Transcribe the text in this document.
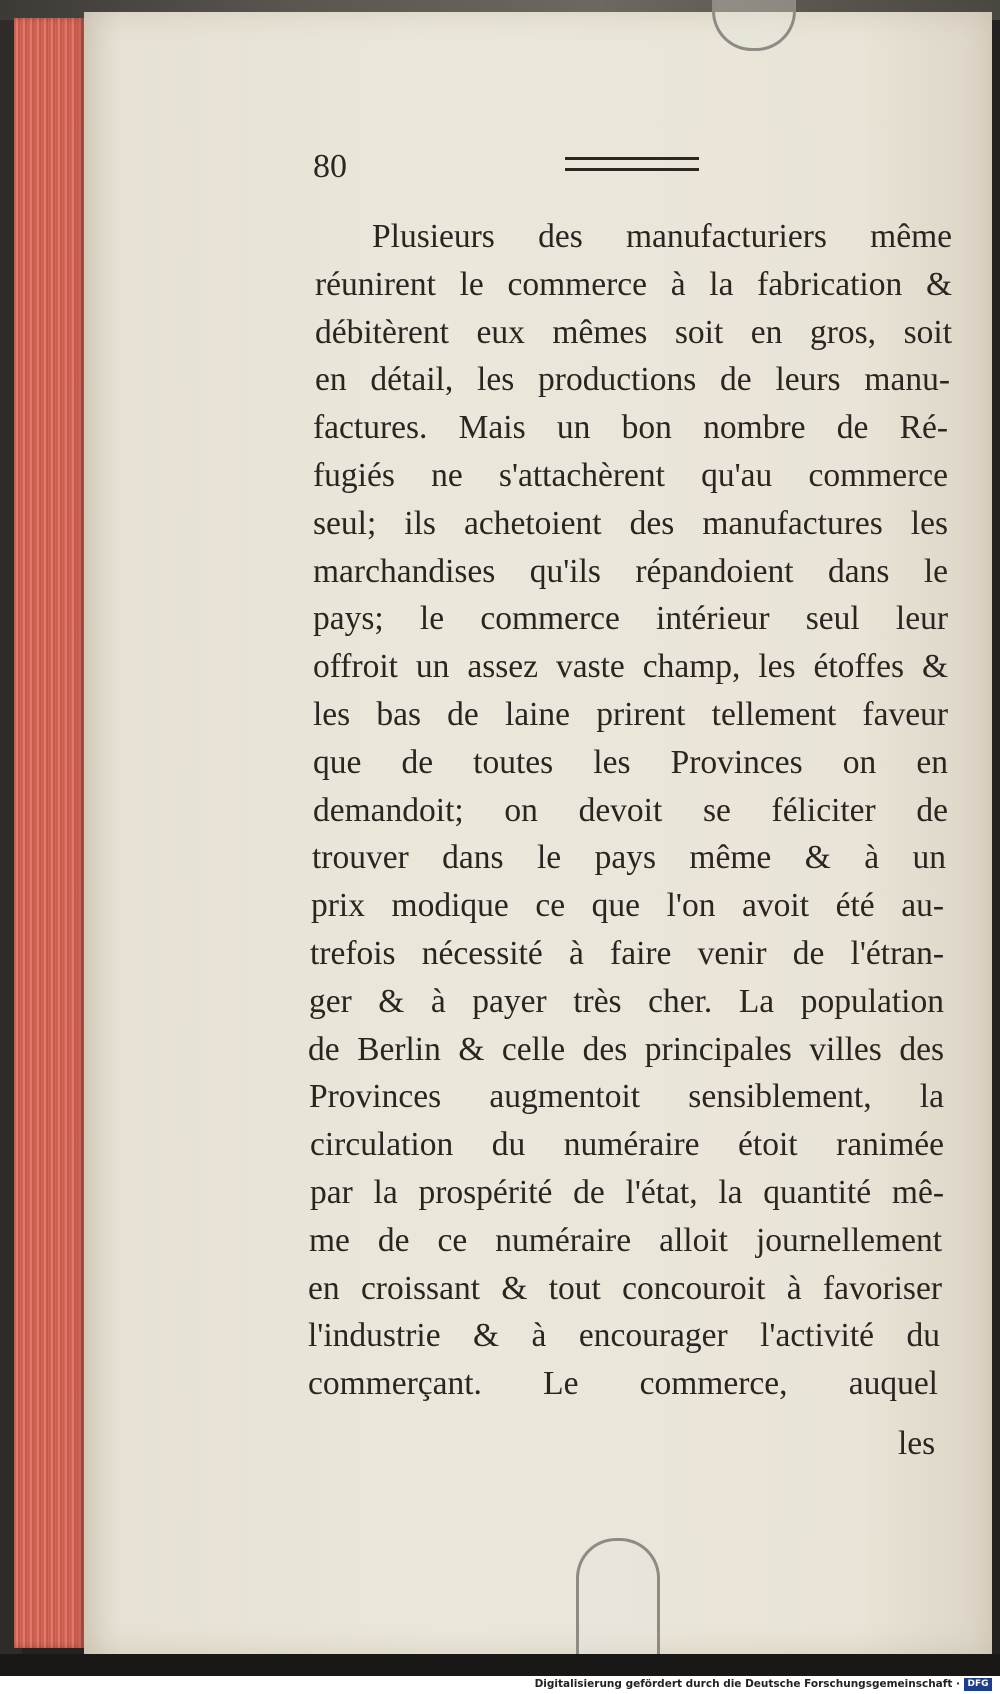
80
Plusieurs des manufacturiers même
réunirent le commerce à la fabrication &
débitèrent eux mêmes soit en gros, soit
en détail, les productions de leurs manu-
factures. Mais un bon nombre de Ré-
fugiés ne s'attachèrent qu'au commerce
seul; ils achetoient des manufactures les
marchandises qu'ils répandoient dans le
pays; le commerce intérieur seul leur
offroit un assez vaste champ, les étoffes &
les bas de laine prirent tellement faveur
que de toutes les Provinces on en
demandoit; on devoit se féliciter de
trouver dans le pays même & à un
prix modique ce que l'on avoit été au-
trefois nécessité à faire venir de l'étran-
ger & à payer très cher. La population
de Berlin & celle des principales villes des
Provinces augmentoit sensiblement, la
circulation du numéraire étoit ranimée
par la prospérité de l'état, la quantité mê-
me de ce numéraire alloit journellement
en croissant & tout concouroit à favoriser
l'industrie & à encourager l'activité du
commerçant. Le commerce, auquel
les
Digitalisierung gefördert durch die Deutsche Forschungsgemeinschaft · DFG
